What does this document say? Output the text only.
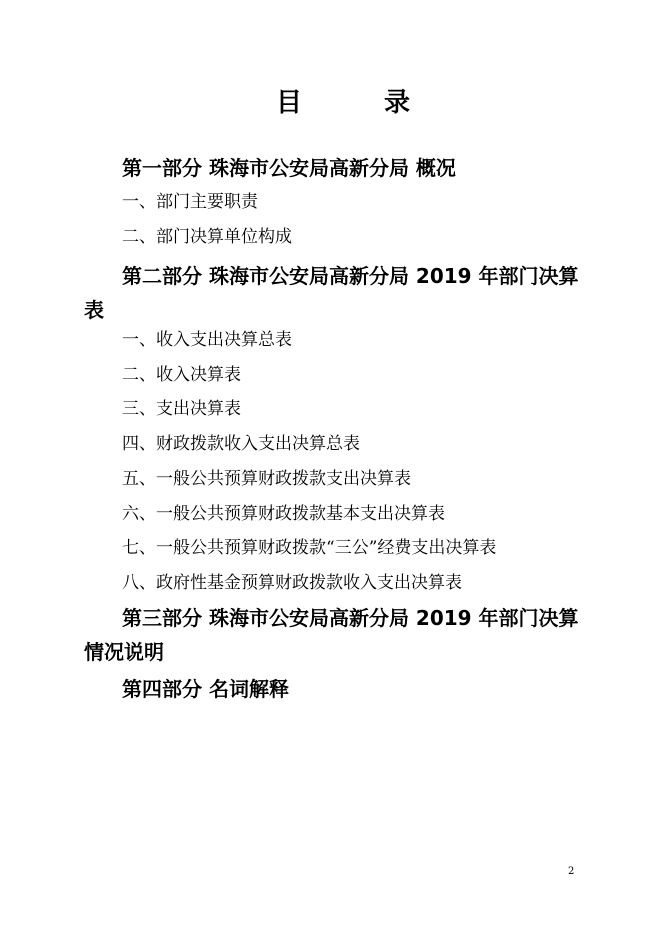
目	录
第一部分 珠海市公安局高新分局 概况
一、部门主要职责
二、部门决算单位构成
第二部分 珠海市公安局高新分局 2019 年部门决算
表
一、收入支出决算总表
二、收入决算表
三、支出决算表
四、财政拨款收入支出决算总表
五、一般公共预算财政拨款支出决算表
六、一般公共预算财政拨款基本支出决算表
七、一般公共预算财政拨款“三公”经费支出决算表
八、政府性基金预算财政拨款收入支出决算表
第三部分 珠海市公安局高新分局 2019 年部门决算
情况说明
第四部分 名词解释
2
